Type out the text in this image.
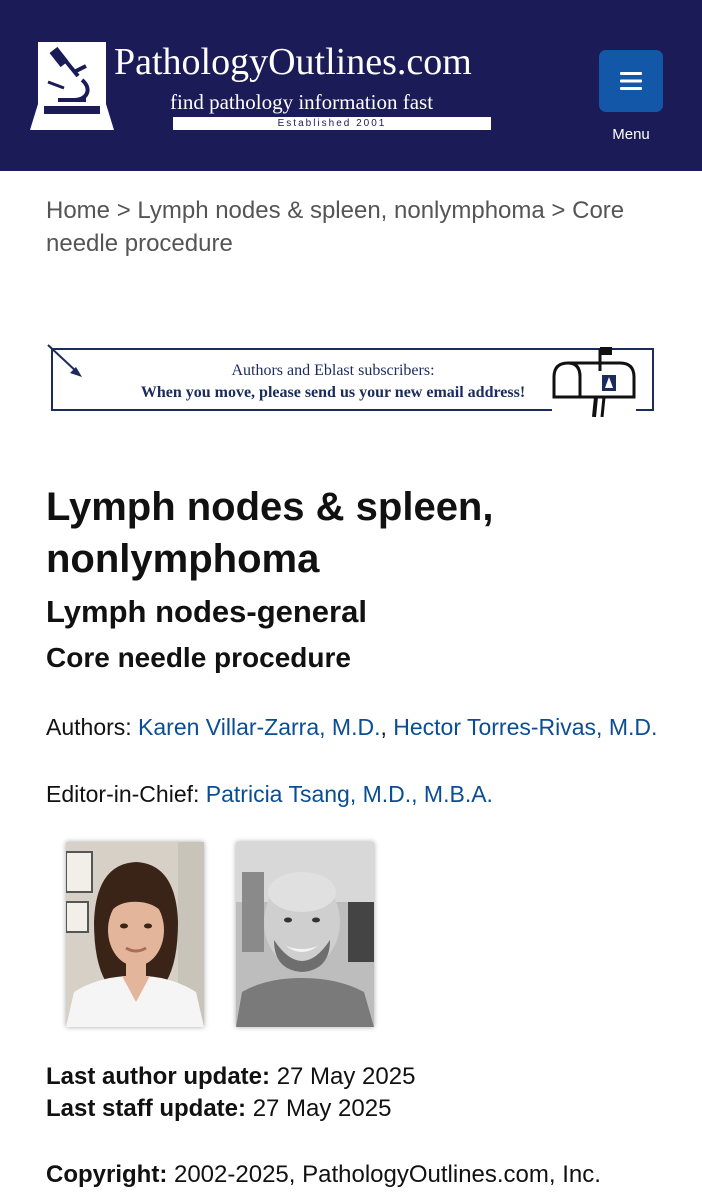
PathologyOutlines.com
find pathology information fast
Established 2001
Menu
Home > Lymph nodes & spleen, nonlymphoma > Core needle procedure
Authors and Eblast subscribers:
When you move, please send us your new email address!
Lymph nodes & spleen, nonlymphoma
Lymph nodes-general
Core needle procedure
Authors: Karen Villar-Zarra, M.D., Hector Torres-Rivas, M.D.
Editor-in-Chief: Patricia Tsang, M.D., M.B.A.
Last author update: 27 May 2025
Last staff update: 27 May 2025
Copyright: 2002-2025, PathologyOutlines.com, Inc.
